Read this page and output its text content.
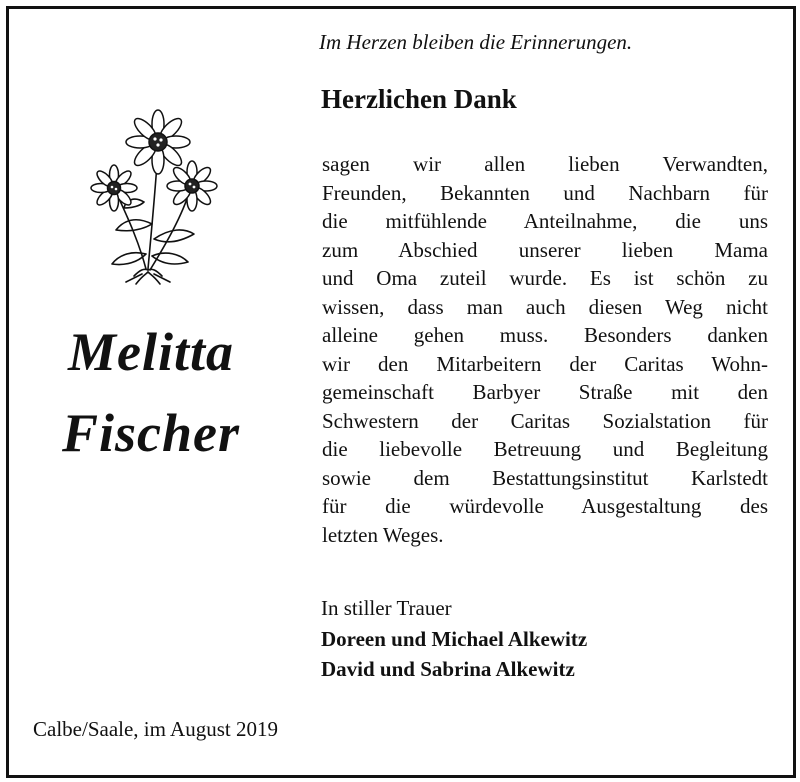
Im Herzen bleiben die Erinnerungen.
Herzlichen Dank
Melitta
Fischer
sagen wir allen lieben Verwandten,
Freunden, Bekannten und Nachbarn für
die mitfühlende Anteilnahme, die uns
zum Abschied unserer lieben Mama
und Oma zuteil wurde. Es ist schön zu
wissen, dass man auch diesen Weg nicht
alleine gehen muss. Besonders danken
wir den Mitarbeitern der Caritas Wohn-
gemeinschaft Barbyer Straße mit den
Schwestern der Caritas Sozialstation für
die liebevolle Betreuung und Begleitung
sowie dem Bestattungsinstitut Karlstedt
für die würdevolle Ausgestaltung des
letzten Weges.
In stiller Trauer
Doreen und Michael Alkewitz
David und Sabrina Alkewitz
Calbe/Saale, im August 2019
